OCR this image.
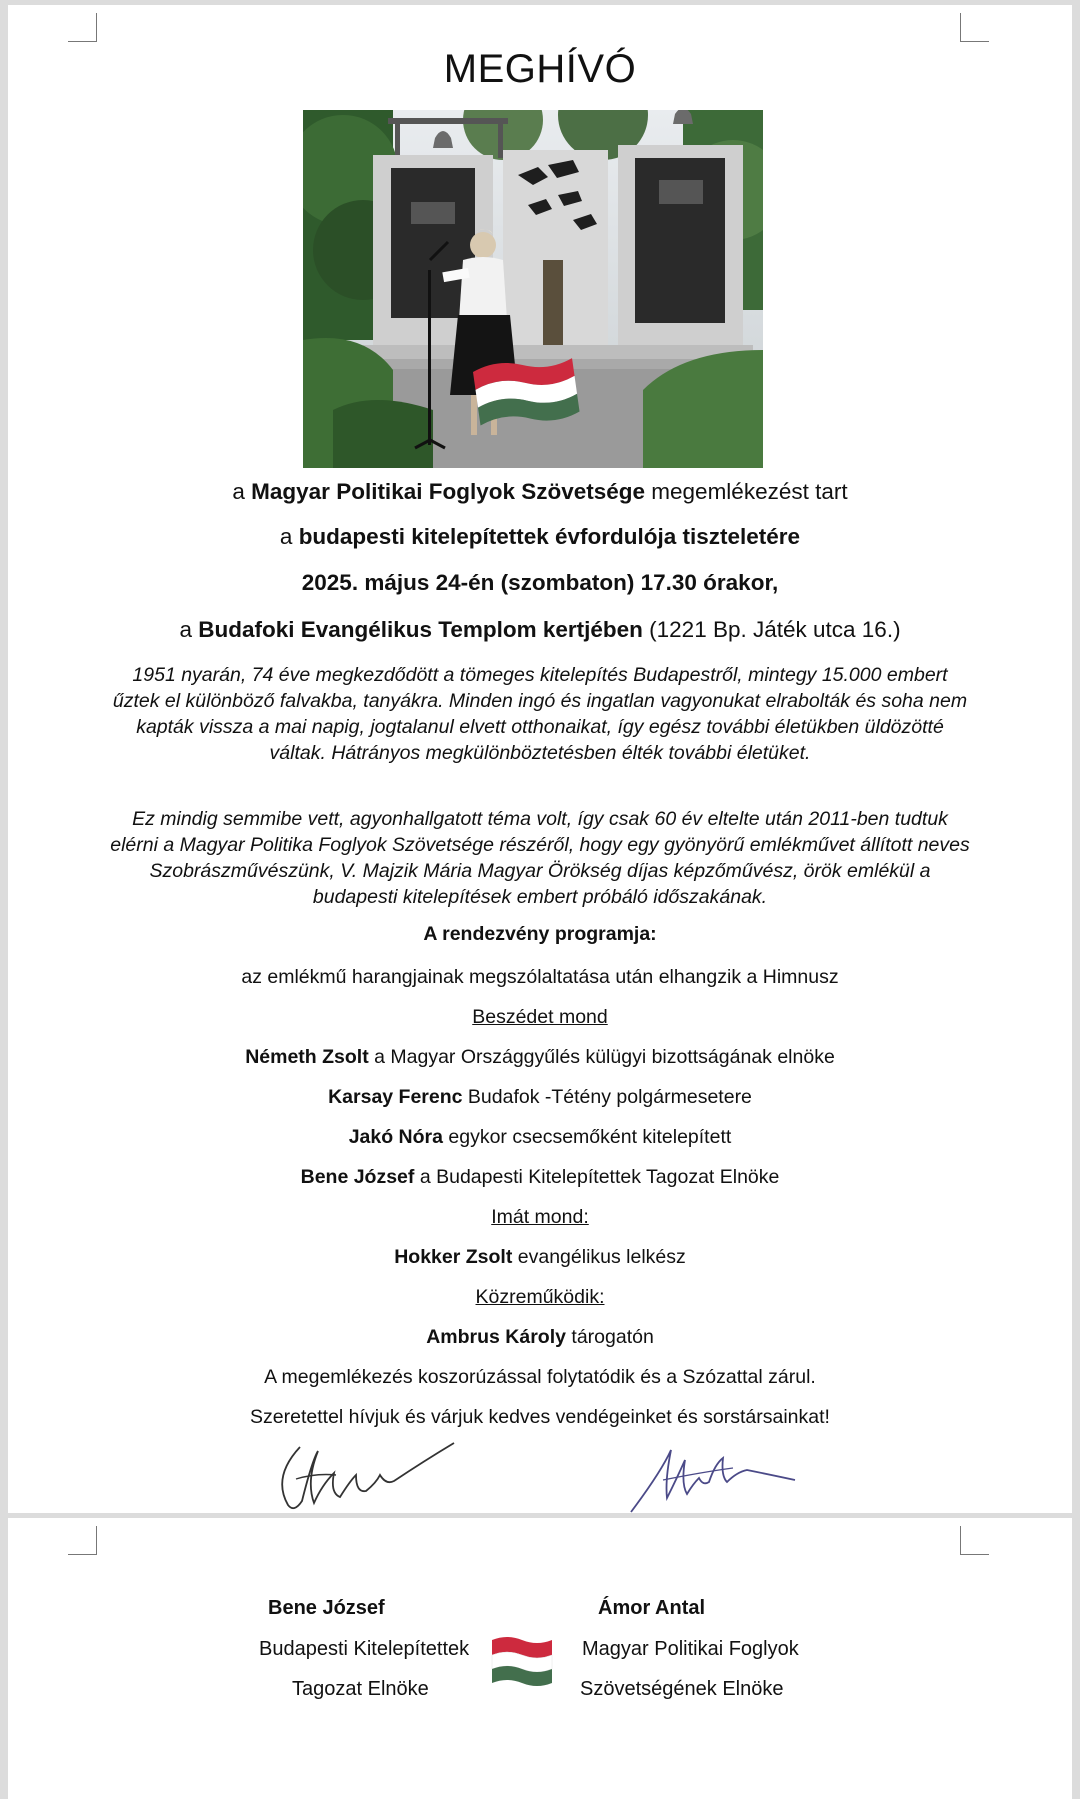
MEGHÍVÓ

a Magyar Politikai Foglyok Szövetsége megemlékezést tart

a budapesti kitelepítettek évfordulója tiszteletére

2025. május 24-én (szombaton) 17.30 órakor,

a Budafoki Evangélikus Templom kertjében (1221 Bp. Játék utca 16.)

1951 nyarán, 74 éve megkezdődött a tömeges kitelepítés Budapestről, mintegy 15.000 embert űztek el különböző falvakba, tanyákra. Minden ingó és ingatlan vagyonukat elrabolták és soha nem kapták vissza a mai napig, jogtalanul elvett otthonaikat, így egész további életükben üldözötté váltak. Hátrányos megkülönböztetésben élték további életüket.

Ez mindig semmibe vett, agyonhallgatott téma volt, így csak 60 év eltelte után 2011-ben tudtuk elérni a Magyar Politika Foglyok Szövetsége részéről, hogy egy gyönyörű emlékművet állított neves Szobrászművészünk, V. Majzik Mária Magyar Örökség díjas képzőművész, örök emlékül a budapesti kitelepítések embert próbáló időszakának.

A rendezvény programja:

az emlékmű harangjainak megszólaltatása után elhangzik a Himnusz

Beszédet mond

Németh Zsolt a Magyar Országgyűlés külügyi bizottságának elnöke

Karsay Ferenc Budafok -Tétény polgármesetere

Jakó Nóra egykor csecsemőként kitelepített

Bene József a Budapesti Kitelepítettek Tagozat Elnöke

Imát mond:

Hokker Zsolt evangélikus lelkész

Közreműködik:

Ambrus Károly tárogatón

A megemlékezés koszorúzással folytatódik és a Szózattal zárul.

Szeretettel hívjuk és várjuk kedves vendégeinket és sorstársainkat!

Bene József

Budapesti Kitelepítettek

Tagozat Elnöke

Ámor Antal

Magyar Politikai Foglyok

Szövetségének Elnöke
